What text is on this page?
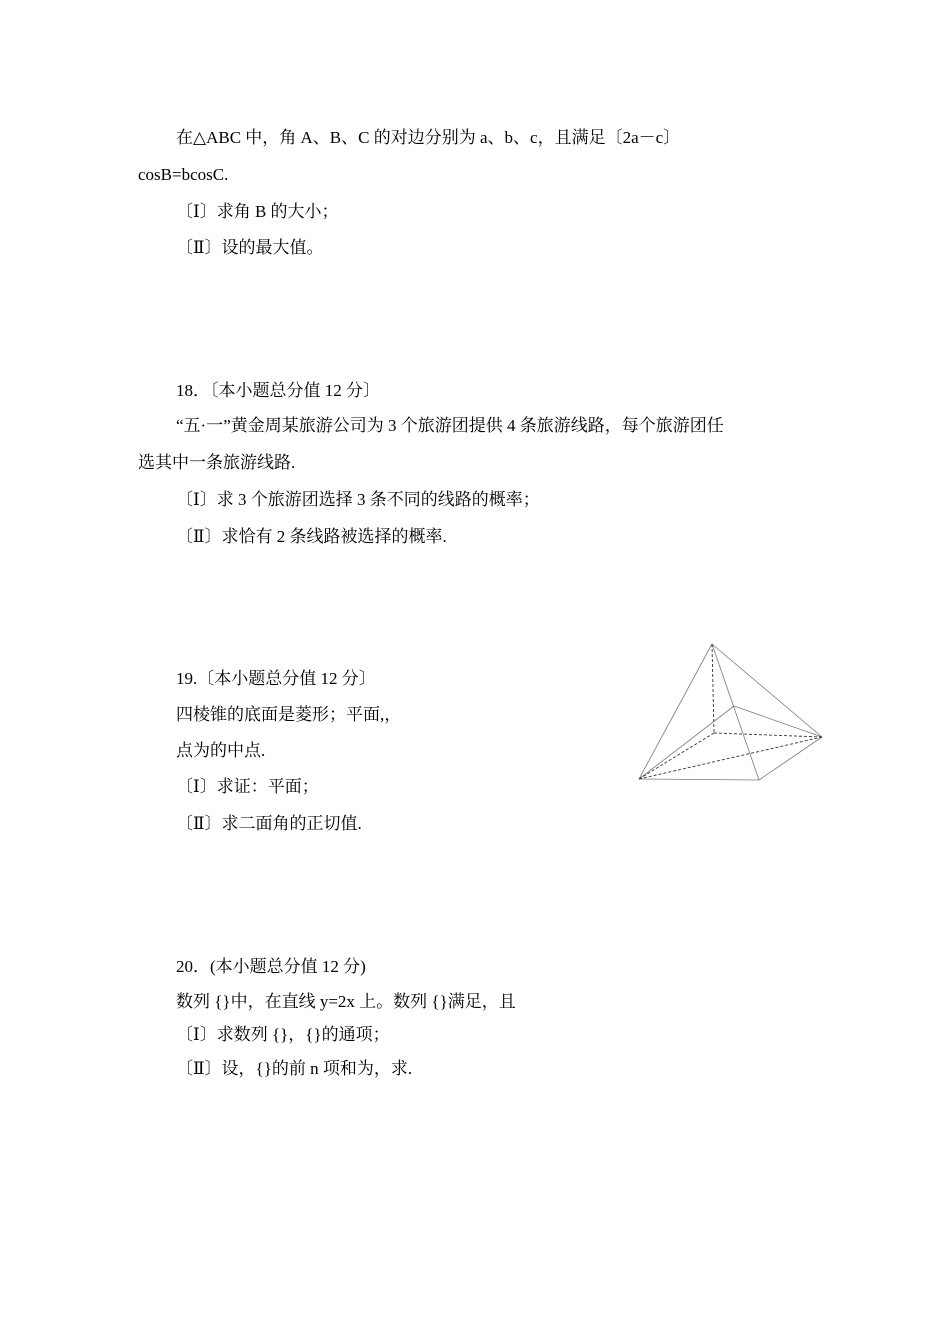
在△ABC 中，角 A、B、C 的对边分别为 a、b、c，且满足〔2a－c〕
cosB=bcosC.
〔Ⅰ〕求角 B 的大小；
〔Ⅱ〕设的最大值。
18．〔本小题总分值 12 分〕
“五·一”黄金周某旅游公司为 3 个旅游团提供 4 条旅游线路，每个旅游团任
选其中一条旅游线路.
〔Ⅰ〕求 3 个旅游团选择 3 条不同的线路的概率；
〔Ⅱ〕求恰有 2 条线路被选择的概率.
19.〔本小题总分值 12 分〕
四棱锥的底面是菱形；平面,，
点为的中点.
〔Ⅰ〕求证：平面；
〔Ⅱ〕求二面角的正切值.
20．(本小题总分值 12 分)
数列 {}中，在直线 y=2x 上。数列 {}满足，且
〔Ⅰ〕求数列 {}，{}的通项；
〔Ⅱ〕设，{}的前 n 项和为，求.
